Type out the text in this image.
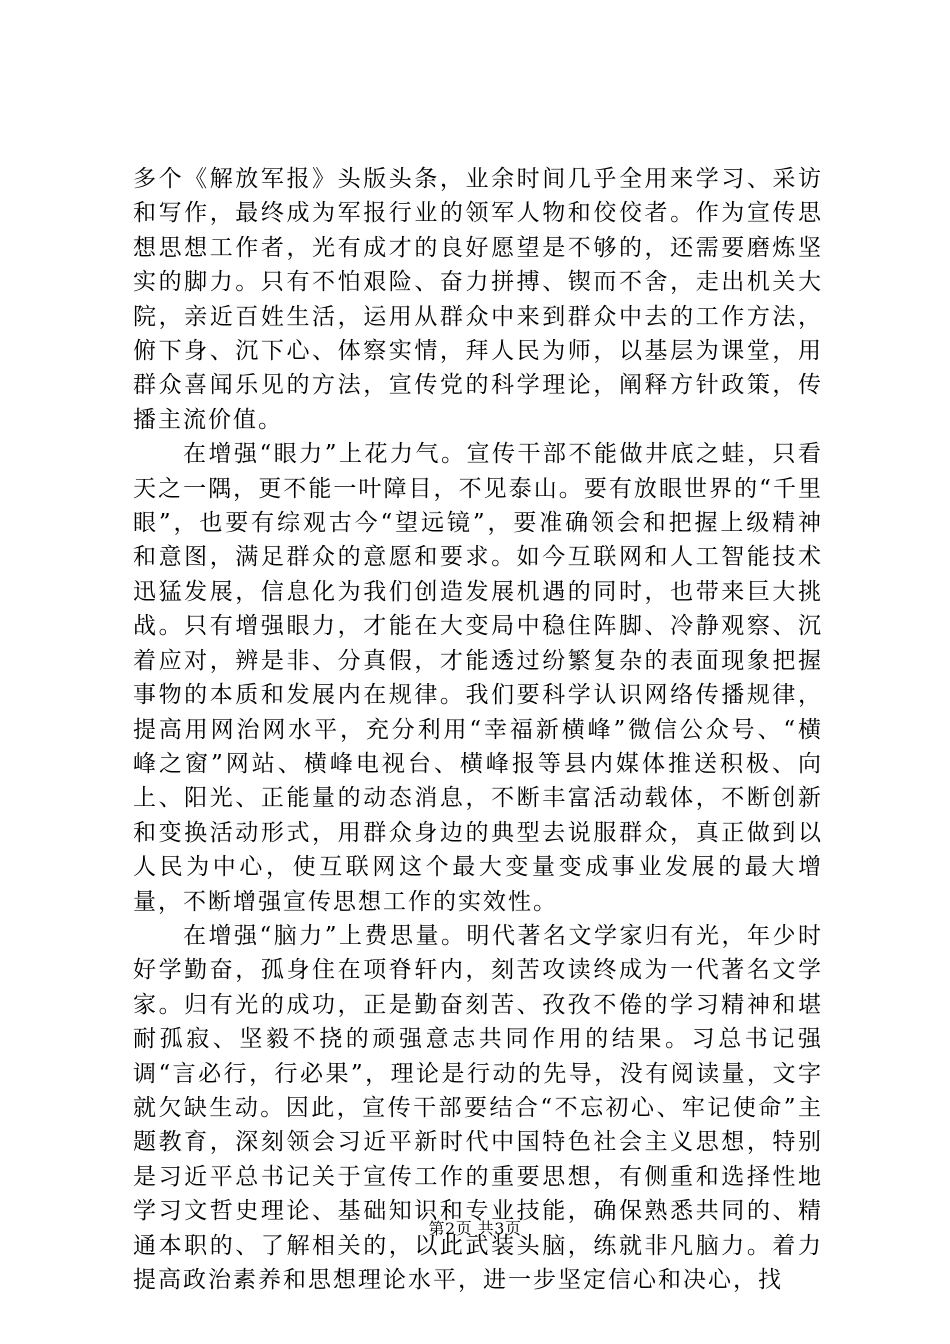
多个《解放军报》头版头条，业余时间几乎全用来学习、采访和写作，最终成为军报行业的领军人物和佼佼者。作为宣传思想思想工作者，光有成才的良好愿望是不够的，还需要磨炼坚实的脚力。只有不怕艰险、奋力拼搏、锲而不舍，走出机关大院，亲近百姓生活，运用从群众中来到群众中去的工作方法，俯下身、沉下心、体察实情，拜人民为师，以基层为课堂，用群众喜闻乐见的方法，宣传党的科学理论，阐释方针政策，传播主流价值。

在增强“眼力”上花力气。宣传干部不能做井底之蛙，只看天之一隅，更不能一叶障目，不见泰山。要有放眼世界的“千里眼”，也要有综观古今“望远镜”，要准确领会和把握上级精神和意图，满足群众的意愿和要求。如今互联网和人工智能技术迅猛发展，信息化为我们创造发展机遇的同时，也带来巨大挑战。只有增强眼力，才能在大变局中稳住阵脚、冷静观察、沉着应对，辨是非、分真假，才能透过纷繁复杂的表面现象把握事物的本质和发展内在规律。我们要科学认识网络传播规律，提高用网治网水平，充分利用“幸福新横峰”微信公众号、“横峰之窗”网站、横峰电视台、横峰报等县内媒体推送积极、向上、阳光、正能量的动态消息，不断丰富活动载体，不断创新和变换活动形式，用群众身边的典型去说服群众，真正做到以人民为中心，使互联网这个最大变量变成事业发展的最大增量，不断增强宣传思想工作的实效性。

在增强“脑力”上费思量。明代著名文学家归有光，年少时好学勤奋，孤身住在项脊轩内，刻苦攻读终成为一代著名文学家。归有光的成功，正是勤奋刻苦、孜孜不倦的学习精神和堪耐孤寂、坚毅不挠的顽强意志共同作用的结果。习总书记强调“言必行，行必果”，理论是行动的先导，没有阅读量，文字就欠缺生动。因此，宣传干部要结合“不忘初心、牢记使命”主题教育，深刻领会习近平新时代中国特色社会主义思想，特别是习近平总书记关于宣传工作的重要思想，有侧重和选择性地学习文哲史理论、基础知识和专业技能，确保熟悉共同的、精通本职的、了解相关的，以此武装头脑，练就非凡脑力。着力提高政治素养和思想理论水平，进一步坚定信心和决心，找

第2页 共3页
